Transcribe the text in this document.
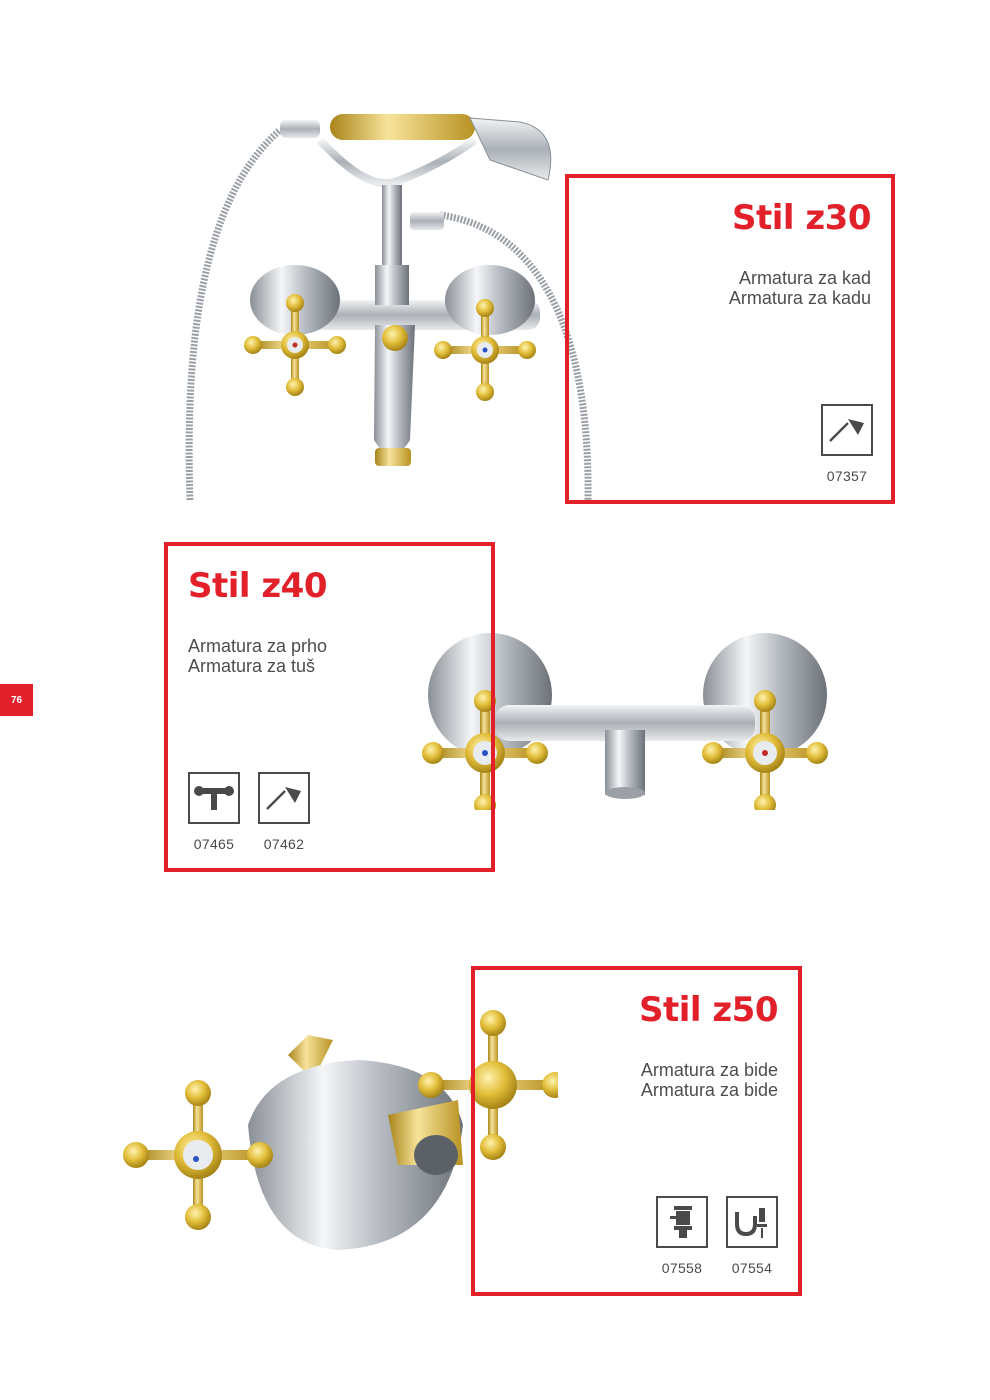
76
Stil z30
Armatura za kad
Armatura za kadu
07357
Stil z40
Armatura za prho
Armatura za tuš
07465 07462
Stil z50
Armatura za bide
Armatura za bide
07558 07554
